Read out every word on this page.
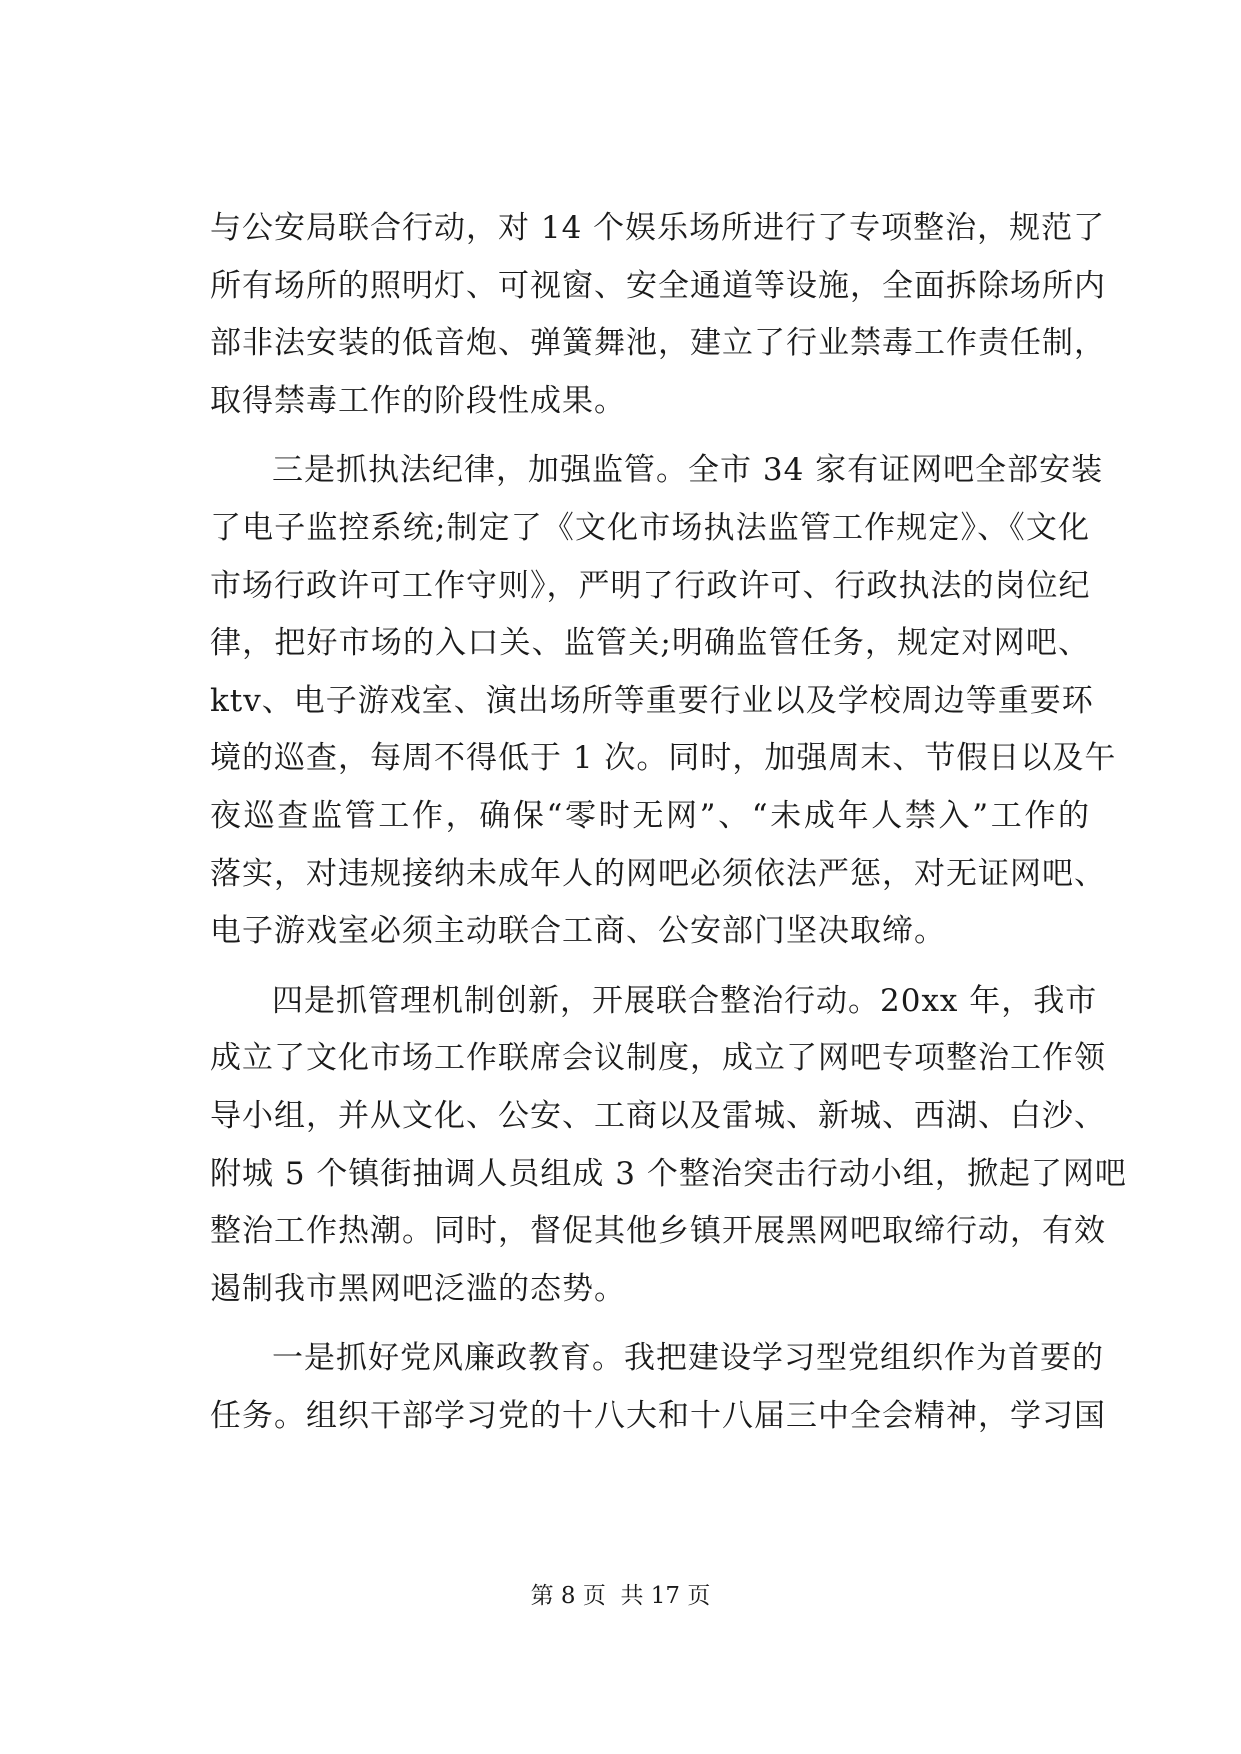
与公安局联合行动，对 14 个娱乐场所进行了专项整治，规范了
所有场所的照明灯、可视窗、安全通道等设施，全面拆除场所内
部非法安装的低音炮、弹簧舞池，建立了行业禁毒工作责任制，
取得禁毒工作的阶段性成果。
三是抓执法纪律，加强监管。全市 34 家有证网吧全部安装
了电子监控系统;制定了《文化市场执法监管工作规定》、《文化
市场行政许可工作守则》，严明了行政许可、行政执法的岗位纪
律，把好市场的入口关、监管关;明确监管任务，规定对网吧、
ktv、电子游戏室、演出场所等重要行业以及学校周边等重要环
境的巡查，每周不得低于 1 次。同时，加强周末、节假日以及午
夜巡查监管工作，确保“零时无网”、“未成年人禁入”工作的
落实，对违规接纳未成年人的网吧必须依法严惩，对无证网吧、
电子游戏室必须主动联合工商、公安部门坚决取缔。
四是抓管理机制创新，开展联合整治行动。20xx 年，我市
成立了文化市场工作联席会议制度，成立了网吧专项整治工作领
导小组，并从文化、公安、工商以及雷城、新城、西湖、白沙、
附城 5 个镇街抽调人员组成 3 个整治突击行动小组，掀起了网吧
整治工作热潮。同时，督促其他乡镇开展黑网吧取缔行动，有效
遏制我市黑网吧泛滥的态势。
一是抓好党风廉政教育。我把建设学习型党组织作为首要的
任务。组织干部学习党的十八大和十八届三中全会精神，学习国
第 8 页  共 17 页
